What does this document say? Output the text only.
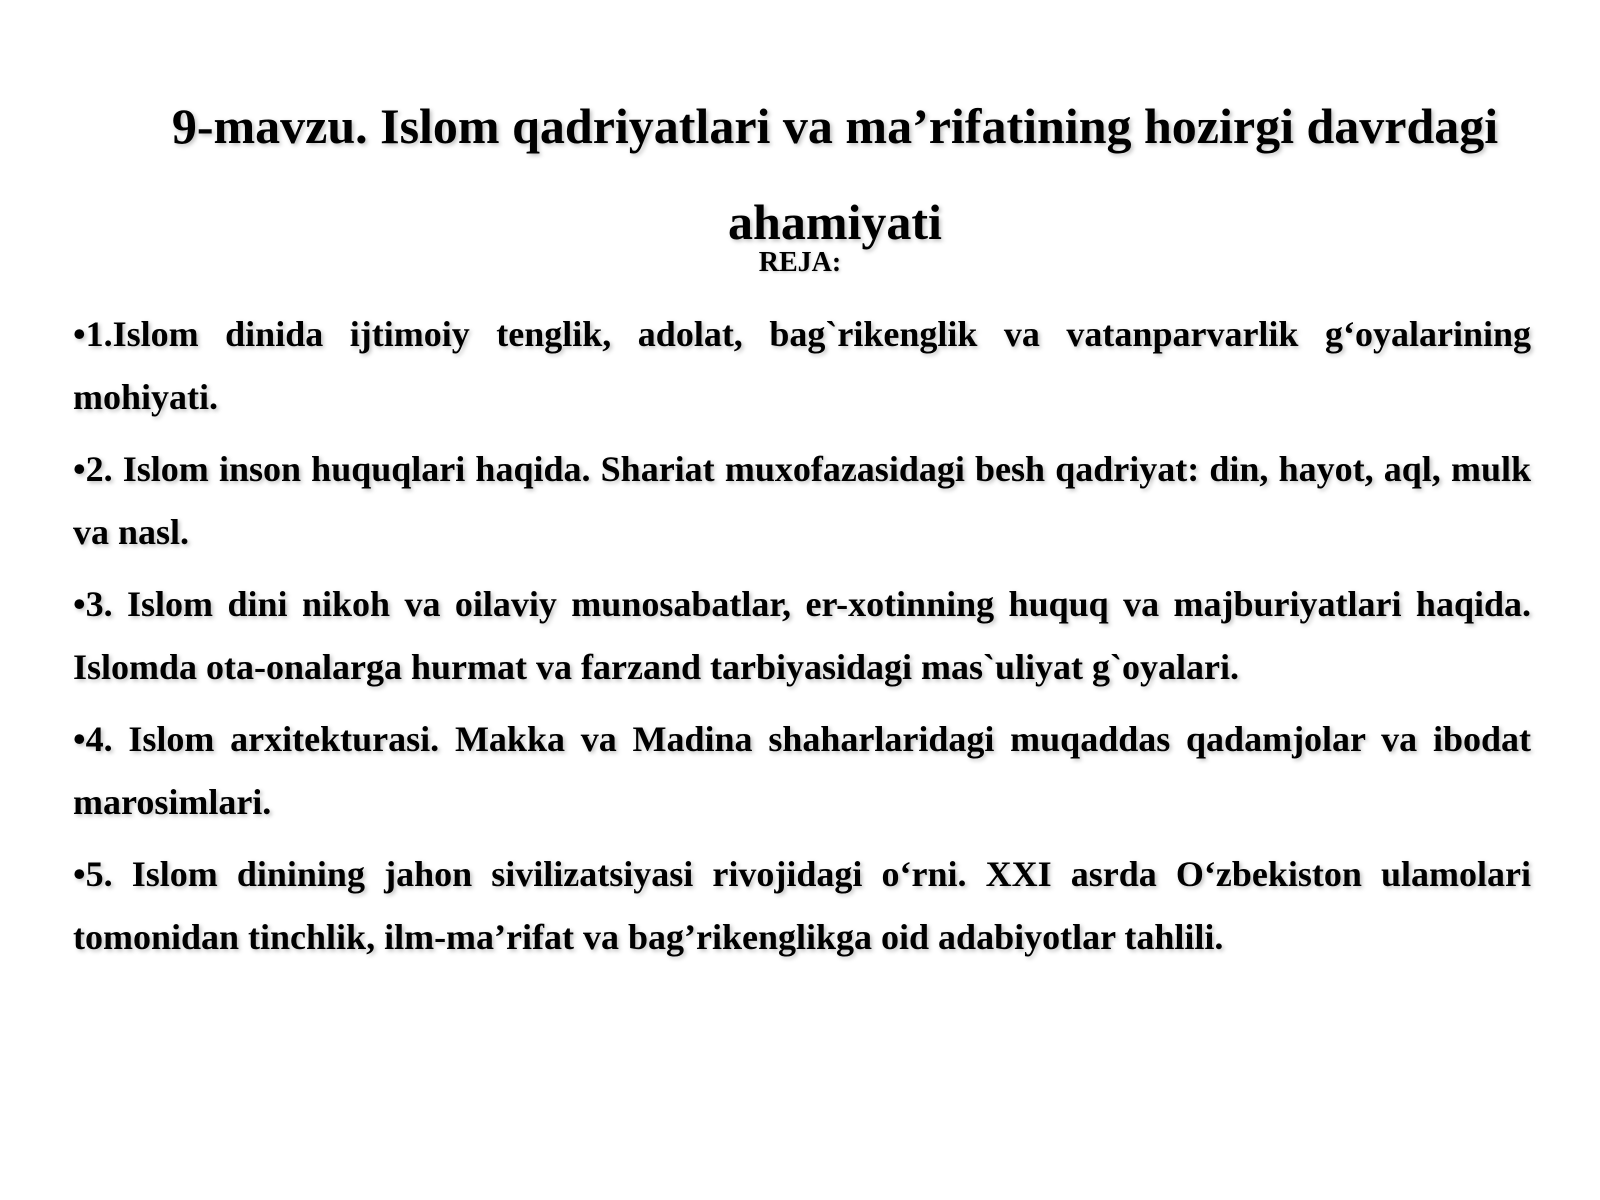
9-mavzu. Islom qadriyatlari va ma’rifatining hozirgi davrdagi ahamiyati
REJA:
•1.Islom dinida ijtimoiy tenglik, adolat, bag`rikenglik va vatanparvarlik g‘oyalarining mohiyati.
•2. Islom inson huquqlari haqida. Shariat muxofazasidagi besh qadriyat: din, hayot, aql, mulk va nasl.
•3. Islom dini nikoh va oilaviy munosabatlar, er-xotinning huquq va majburiyatlari haqida. Islomda ota-onalarga hurmat va farzand tarbiyasidagi mas`uliyat g`oyalari.
•4. Islom arxitekturasi. Makka va Madina shaharlaridagi muqaddas qadamjolar va ibodat marosimlari.
•5. Islom dinining jahon sivilizatsiyasi rivojidagi o‘rni. XXI asrda O‘zbekiston ulamolari tomonidan tinchlik, ilm-ma’rifat va bag’rikenglikga oid adabiyotlar tahlili.
